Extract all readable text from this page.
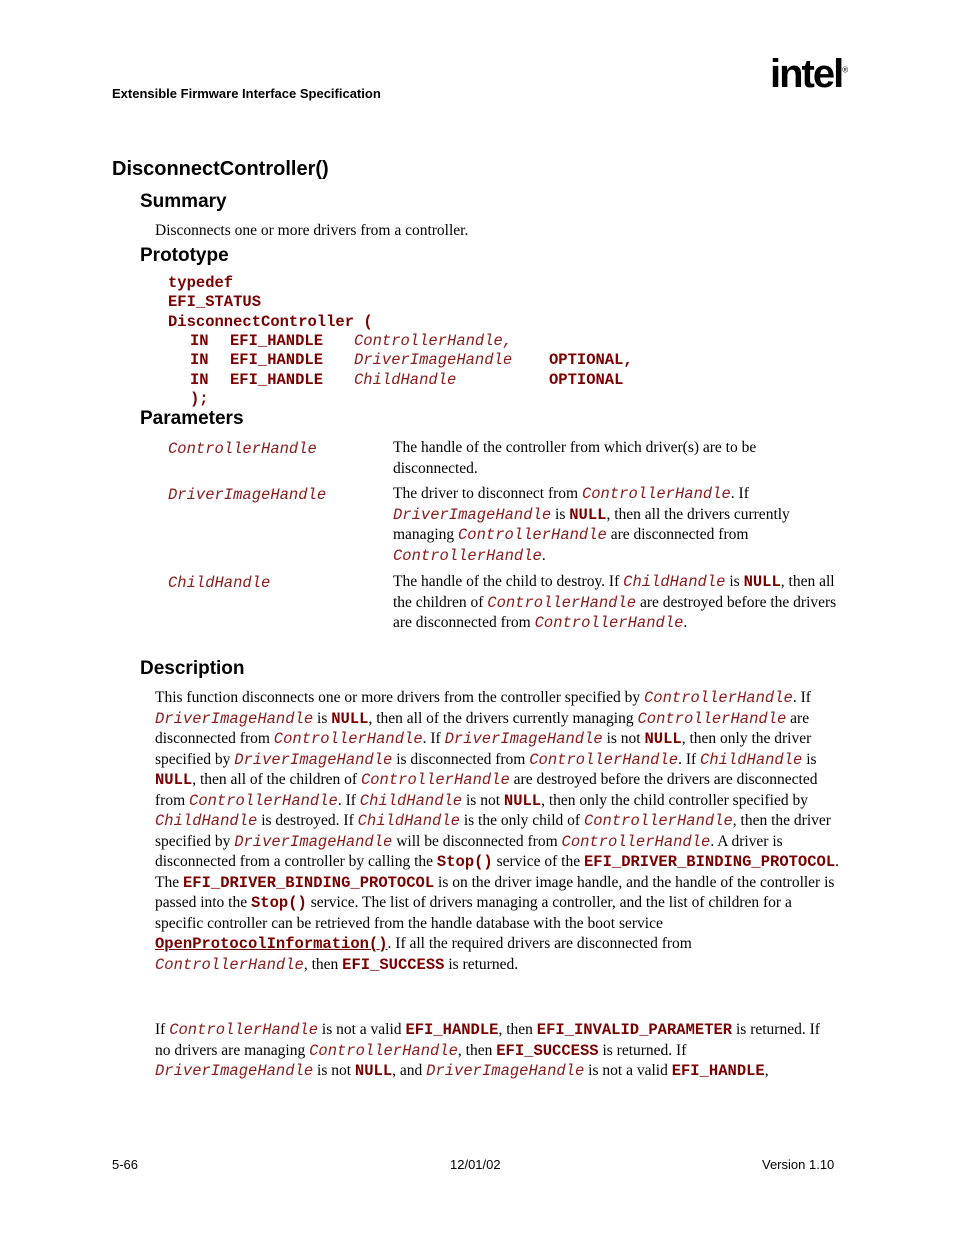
Extensible Firmware Interface Specification	intel®
DisconnectController()
Summary
Disconnects one or more drivers from a controller.
Prototype
typedef
EFI_STATUS
DisconnectController (
IN EFI_HANDLE ControllerHandle,
IN EFI_HANDLE DriverImageHandle OPTIONAL,
IN EFI_HANDLE ChildHandle	OPTIONAL
);
Parameters
ControllerHandle	The handle of the controller from which driver(s) are to be disconnected.
DriverImageHandle	The driver to disconnect from ControllerHandle. If DriverImageHandle is NULL, then all the drivers currently managing ControllerHandle are disconnected from ControllerHandle.
ChildHandle	The handle of the child to destroy. If ChildHandle is NULL, then all the children of ControllerHandle are destroyed before the drivers are disconnected from ControllerHandle.
Description
This function disconnects one or more drivers from the controller specified by ControllerHandle. If DriverImageHandle is NULL, then all of the drivers currently managing ControllerHandle are disconnected from ControllerHandle. If DriverImageHandle is not NULL, then only the driver specified by DriverImageHandle is disconnected from ControllerHandle. If ChildHandle is NULL, then all of the children of ControllerHandle are destroyed before the drivers are disconnected from ControllerHandle. If ChildHandle is not NULL, then only the child controller specified by ChildHandle is destroyed. If ChildHandle is the only child of ControllerHandle, then the driver specified by DriverImageHandle will be disconnected from ControllerHandle. A driver is disconnected from a controller by calling the Stop() service of the EFI_DRIVER_BINDING_PROTOCOL. The EFI_DRIVER_BINDING_PROTOCOL is on the driver image handle, and the handle of the controller is passed into the Stop() service. The list of drivers managing a controller, and the list of children for a specific controller can be retrieved from the handle database with the boot service OpenProtocolInformation(). If all the required drivers are disconnected from ControllerHandle, then EFI_SUCCESS is returned.
If ControllerHandle is not a valid EFI_HANDLE, then EFI_INVALID_PARAMETER is returned. If no drivers are managing ControllerHandle, then EFI_SUCCESS is returned. If DriverImageHandle is not NULL, and DriverImageHandle is not a valid EFI_HANDLE,
5-66	12/01/02	Version 1.10
